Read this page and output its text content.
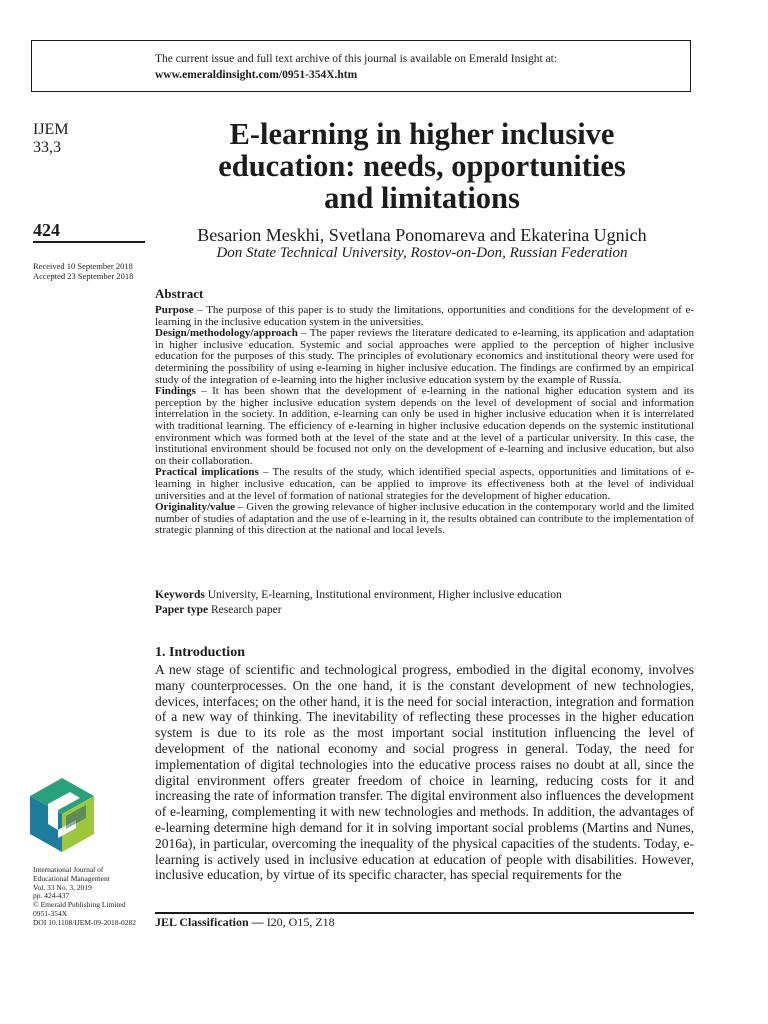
The current issue and full text archive of this journal is available on Emerald Insight at:
www.emeraldinsight.com/0951-354X.htm
IJEM
33,3
424
Received 10 September 2018
Accepted 23 September 2018
E-learning in higher inclusive
education: needs, opportunities
and limitations
Besarion Meskhi, Svetlana Ponomareva and Ekaterina Ugnich
Don State Technical University, Rostov-on-Don, Russian Federation
Abstract

Purpose – The purpose of this paper is to study the limitations, opportunities and conditions for the development of e-learning in the inclusive education system in the universities.

Design/methodology/approach – The paper reviews the literature dedicated to e-learning, its application and adaptation in higher inclusive education. Systemic and social approaches were applied to the perception of higher inclusive education for the purposes of this study. The principles of evolutionary economics and institutional theory were used for determining the possibility of using e-learning in higher inclusive education. The findings are confirmed by an empirical study of the integration of e-learning into the higher inclusive education system by the example of Russia.

Findings – It has been shown that the development of e-learning in the national higher education system and its perception by the higher inclusive education system depends on the level of development of social and information interrelation in the society. In addition, e-learning can only be used in higher inclusive education when it is interrelated with traditional learning. The efficiency of e-learning in higher inclusive education depends on the systemic institutional environment which was formed both at the level of the state and at the level of a particular university. In this case, the institutional environment should be focused not only on the development of e-learning and inclusive education, but also on their collaboration.

Practical implications – The results of the study, which identified special aspects, opportunities and limitations of e-learning in higher inclusive education, can be applied to improve its effectiveness both at the level of individual universities and at the level of formation of national strategies for the development of higher education.

Originality/value – Given the growing relevance of higher inclusive education in the contemporary world and the limited number of studies of adaptation and the use of e-learning in it, the results obtained can contribute to the implementation of strategic planning of this direction at the national and local levels.

Keywords University, E-learning, Institutional environment, Higher inclusive education
Paper type Research paper
1. Introduction

A new stage of scientific and technological progress, embodied in the digital economy, involves many counterprocesses. On the one hand, it is the constant development of new technologies, devices, interfaces; on the other hand, it is the need for social interaction, integration and formation of a new way of thinking. The inevitability of reflecting these processes in the higher education system is due to its role as the most important social institution influencing the level of development of the national economy and social progress in general. Today, the need for implementation of digital technologies into the educative process raises no doubt at all, since the digital environment offers greater freedom of choice in learning, reducing costs for it and increasing the rate of information transfer. The digital environment also influences the development of e-learning, complementing it with new technologies and methods. In addition, the advantages of e-learning determine high demand for it in solving important social problems (Martins and Nunes, 2016a), in particular, overcoming the inequality of the physical capacities of the students. Today, e-learning is actively used in inclusive education at education of people with disabilities. However, inclusive education, by virtue of its specific character, has special requirements for the

JEL Classification — I20, O15, Z18
International Journal of
Educational Management
Vol. 33 No. 3, 2019
pp. 424-437
© Emerald Publishing Limited
0951-354X
DOI 10.1108/IJEM-09-2018-0282
